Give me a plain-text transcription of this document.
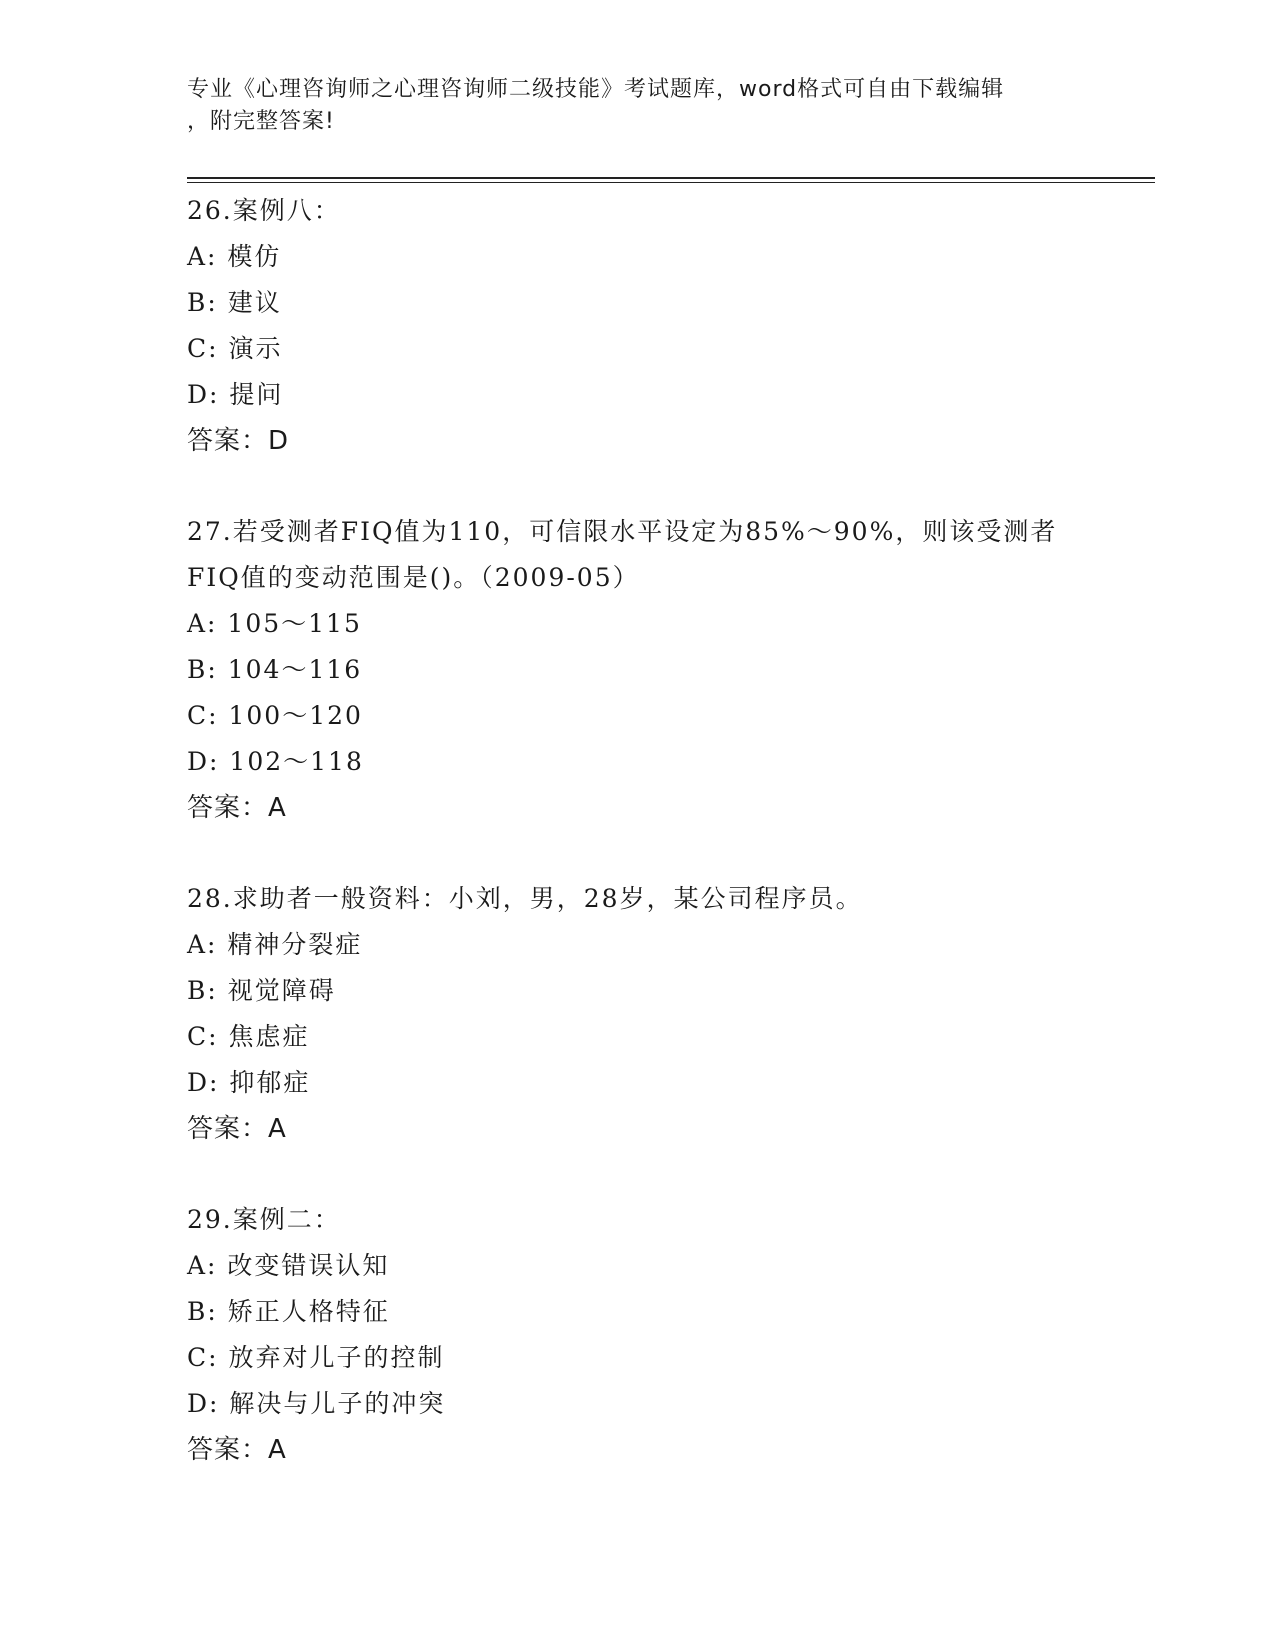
专业《心理咨询师之心理咨询师二级技能》考试题库，word格式可自由下载编辑
，附完整答案!
26.案例八：
A: 模仿
B: 建议
C: 演示
D: 提问
答案：D
27.若受测者FIQ值为110，可信限水平设定为85%～90%，则该受测者
FIQ值的变动范围是()。（2009-05）
A: 105～115
B: 104～116
C: 100～120
D: 102～118
答案：A
28.求助者一般资料：小刘，男，28岁，某公司程序员。
A: 精神分裂症
B: 视觉障碍
C: 焦虑症
D: 抑郁症
答案：A
29.案例二：
A: 改变错误认知
B: 矫正人格特征
C: 放弃对儿子的控制
D: 解决与儿子的冲突
答案：A
